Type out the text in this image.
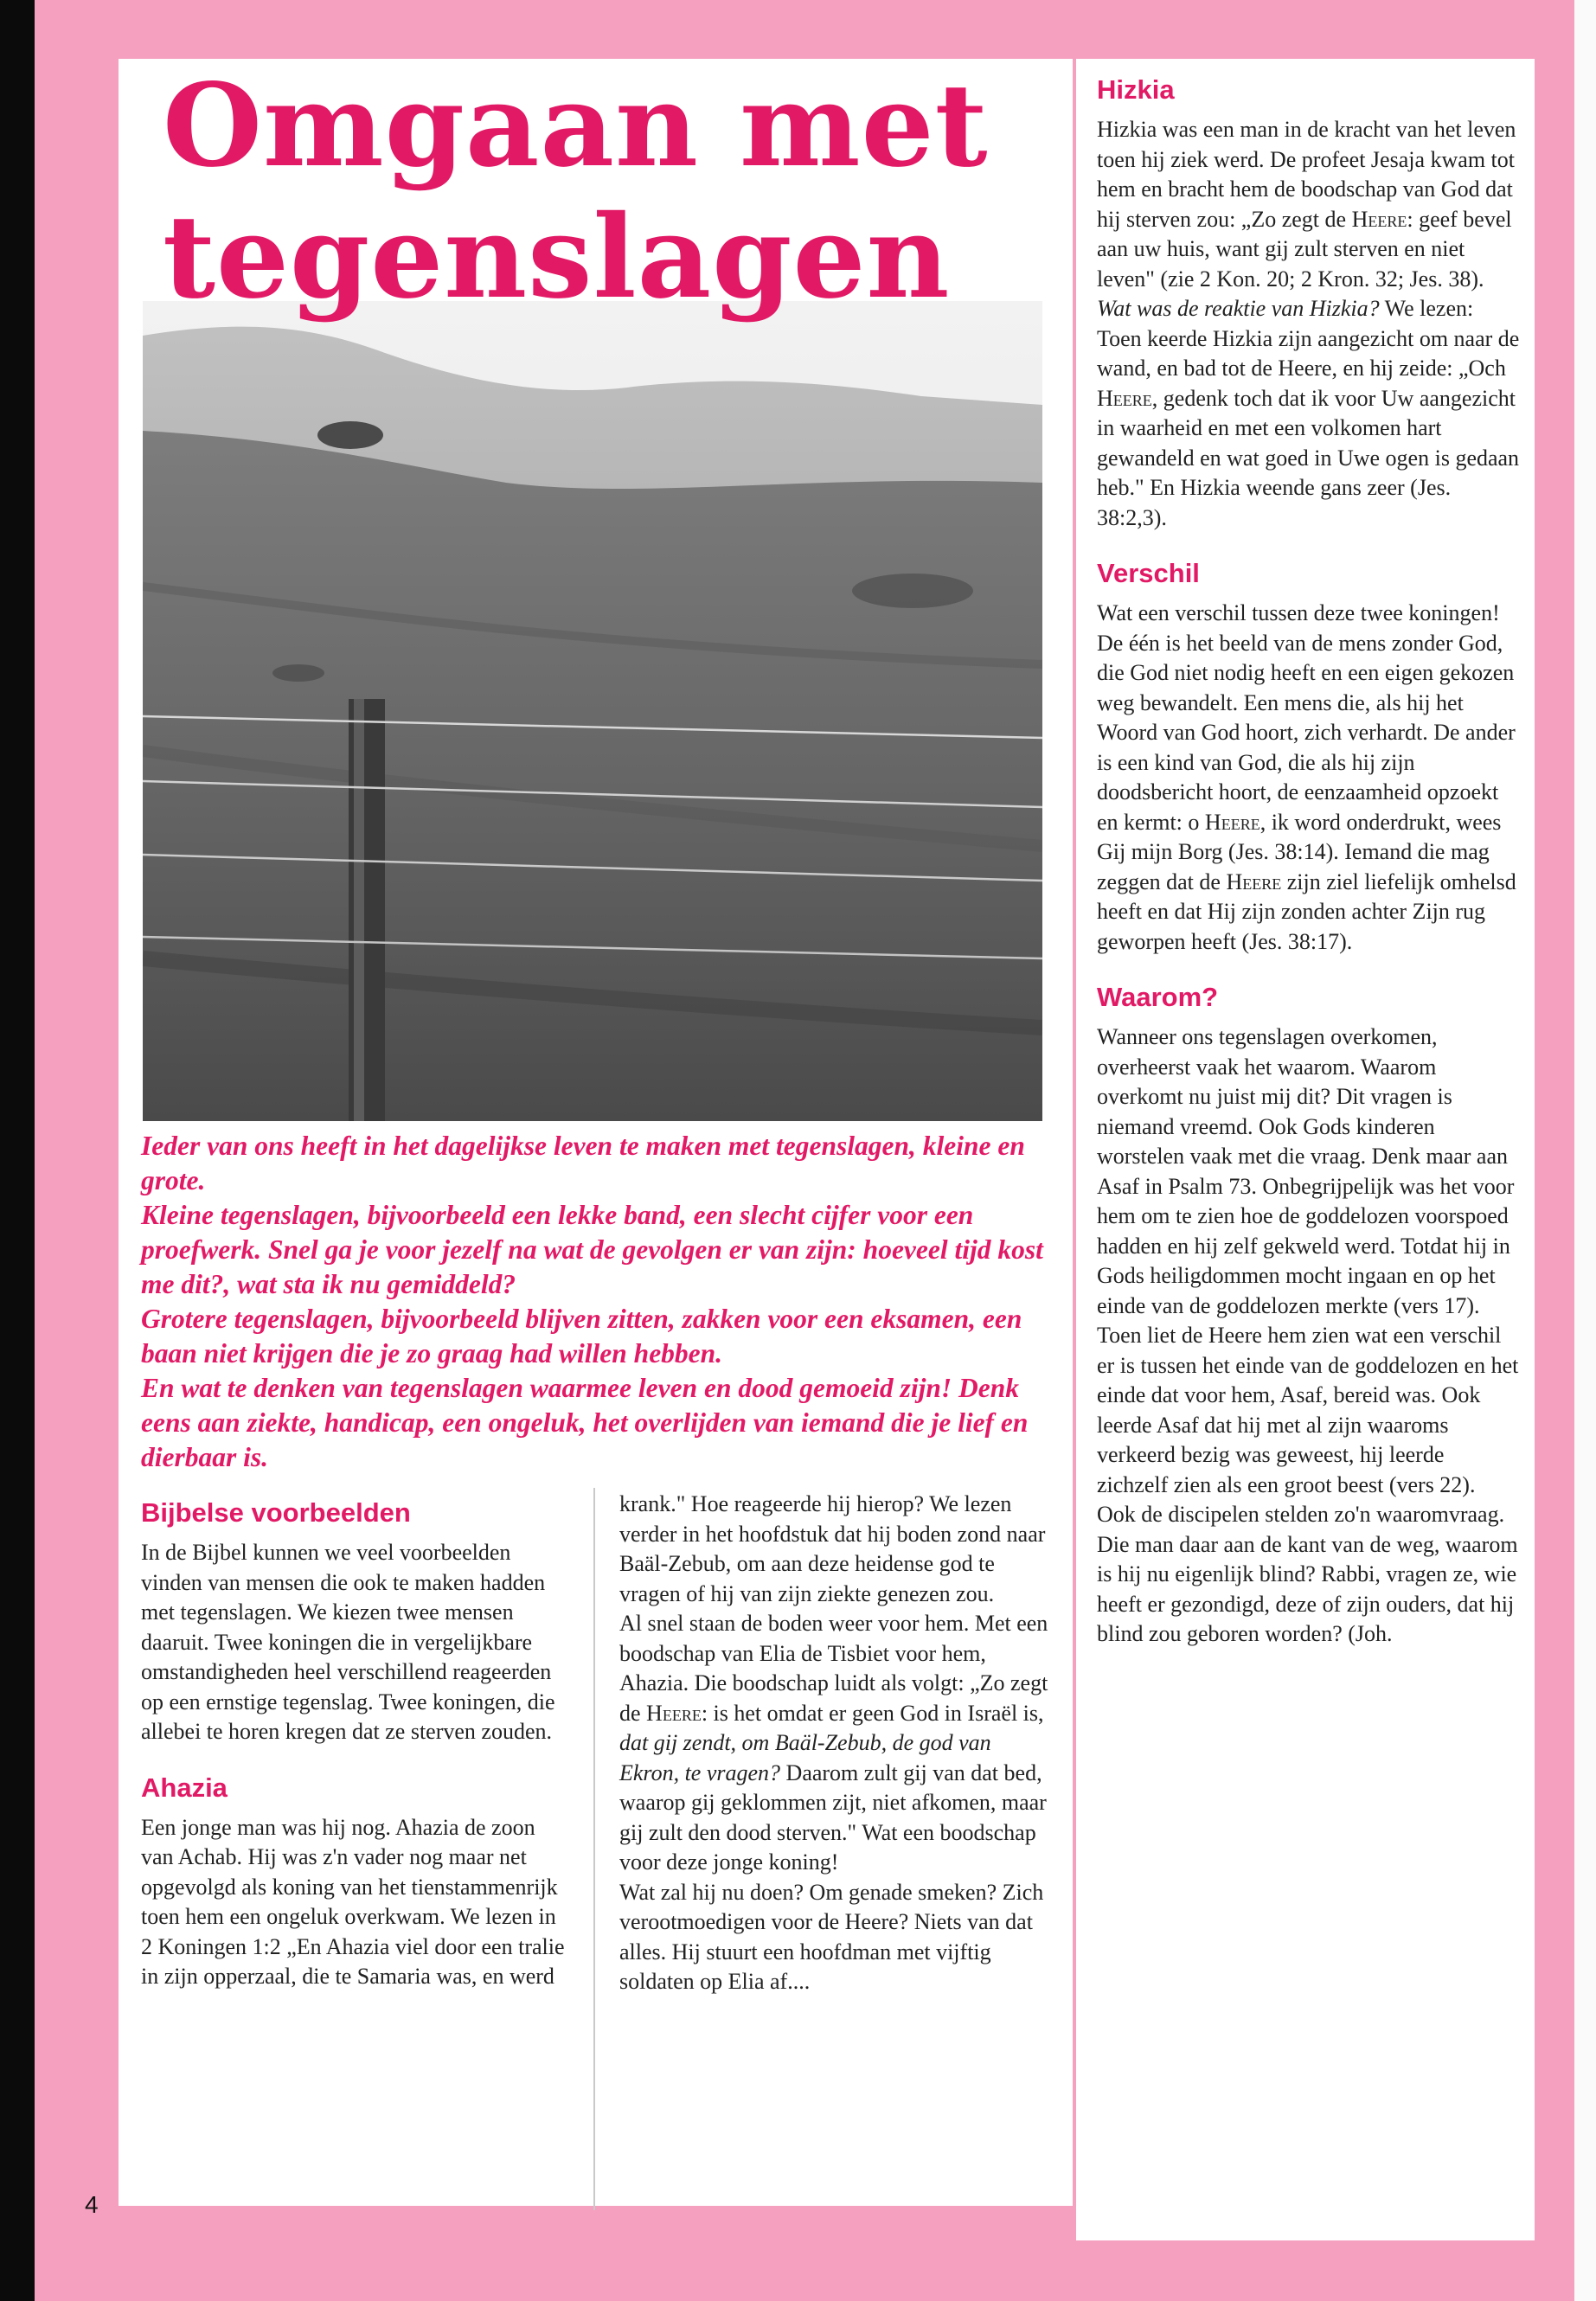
Omgaan met
tegenslagen

Ieder van ons heeft in het dagelijkse leven te maken met tegenslagen, kleine en grote.

Kleine tegenslagen, bijvoorbeeld een lekke band, een slecht cijfer voor een proefwerk. Snel ga je voor jezelf na wat de gevolgen er van zijn: hoeveel tijd kost me dit?, wat sta ik nu gemiddeld?

Grotere tegenslagen, bijvoorbeeld blijven zitten, zakken voor een eksamen, een baan niet krijgen die je zo graag had willen hebben.

En wat te denken van tegenslagen waarmee leven en dood gemoeid zijn! Denk eens aan ziekte, handicap, een ongeluk, het overlijden van iemand die je lief en dierbaar is.

Bijbelse voorbeelden

In de Bijbel kunnen we veel voorbeelden vinden van mensen die ook te maken hadden met tegenslagen. We kiezen twee mensen daaruit. Twee koningen die in vergelijkbare omstandigheden heel verschillend reageerden op een ernstige tegenslag. Twee koningen, die allebei te horen kregen dat ze sterven zouden.

Ahazia

Een jonge man was hij nog. Ahazia de zoon van Achab. Hij was z'n vader nog maar net opgevolgd als koning van het tienstammenrijk toen hem een ongeluk overkwam. We lezen in 2 Koningen 1:2 „En Ahazia viel door een tralie in zijn opperzaal, die te Samaria was, en werd

krank." Hoe reageerde hij hierop? We lezen verder in het hoofdstuk dat hij boden zond naar Baäl-Zebub, om aan deze heidense god te vragen of hij van zijn ziekte genezen zou.

Al snel staan de boden weer voor hem. Met een boodschap van Elia de Tisbiet voor hem, Ahazia. Die boodschap luidt als volgt: „Zo zegt de Heere: is het omdat er geen God in Israël is, dat gij zendt, om Baäl-Zebub, de god van Ekron, te vragen? Daarom zult gij van dat bed, waarop gij geklommen zijt, niet afkomen, maar gij zult den dood sterven." Wat een boodschap voor deze jonge koning!

Wat zal hij nu doen? Om genade smeken? Zich verootmoedigen voor de Heere? Niets van dat alles. Hij stuurt een hoofdman met vijftig soldaten op Elia af....

Hizkia

Hizkia was een man in de kracht van het leven toen hij ziek werd. De profeet Jesaja kwam tot hem en bracht hem de boodschap van God dat hij sterven zou: „Zo zegt de Heere: geef bevel aan uw huis, want gij zult sterven en niet leven" (zie 2 Kon. 20; 2 Kron. 32; Jes. 38). Wat was de reaktie van Hizkia? We lezen: Toen keerde Hizkia zijn aangezicht om naar de wand, en bad tot de Heere, en hij zeide: „Och Heere, gedenk toch dat ik voor Uw aangezicht in waarheid en met een volkomen hart gewandeld en wat goed in Uwe ogen is gedaan heb." En Hizkia weende gans zeer (Jes. 38:2,3).

Verschil

Wat een verschil tussen deze twee koningen! De één is het beeld van de mens zonder God, die God niet nodig heeft en een eigen gekozen weg bewandelt. Een mens die, als hij het Woord van God hoort, zich verhardt. De ander is een kind van God, die als hij zijn doodsbericht hoort, de eenzaamheid opzoekt en kermt: o Heere, ik word onderdrukt, wees Gij mijn Borg (Jes. 38:14). Iemand die mag zeggen dat de Heere zijn ziel liefelijk omhelsd heeft en dat Hij zijn zonden achter Zijn rug geworpen heeft (Jes. 38:17).

Waarom?

Wanneer ons tegenslagen overkomen, overheerst vaak het waarom. Waarom overkomt nu juist mij dit? Dit vragen is niemand vreemd. Ook Gods kinderen worstelen vaak met die vraag. Denk maar aan Asaf in Psalm 73. Onbegrijpelijk was het voor hem om te zien hoe de goddelozen voorspoed hadden en hij zelf gekweld werd. Totdat hij in Gods heiligdommen mocht ingaan en op het einde van de goddelozen merkte (vers 17). Toen liet de Heere hem zien wat een verschil er is tussen het einde van de goddelozen en het einde dat voor hem, Asaf, bereid was. Ook leerde Asaf dat hij met al zijn waaroms verkeerd bezig was geweest, hij leerde zichzelf zien als een groot beest (vers 22).

Ook de discipelen stelden zo'n waaromvraag. Die man daar aan de kant van de weg, waarom is hij nu eigenlijk blind? Rabbi, vragen ze, wie heeft er gezondigd, deze of zijn ouders, dat hij blind zou geboren worden? (Joh.

4
